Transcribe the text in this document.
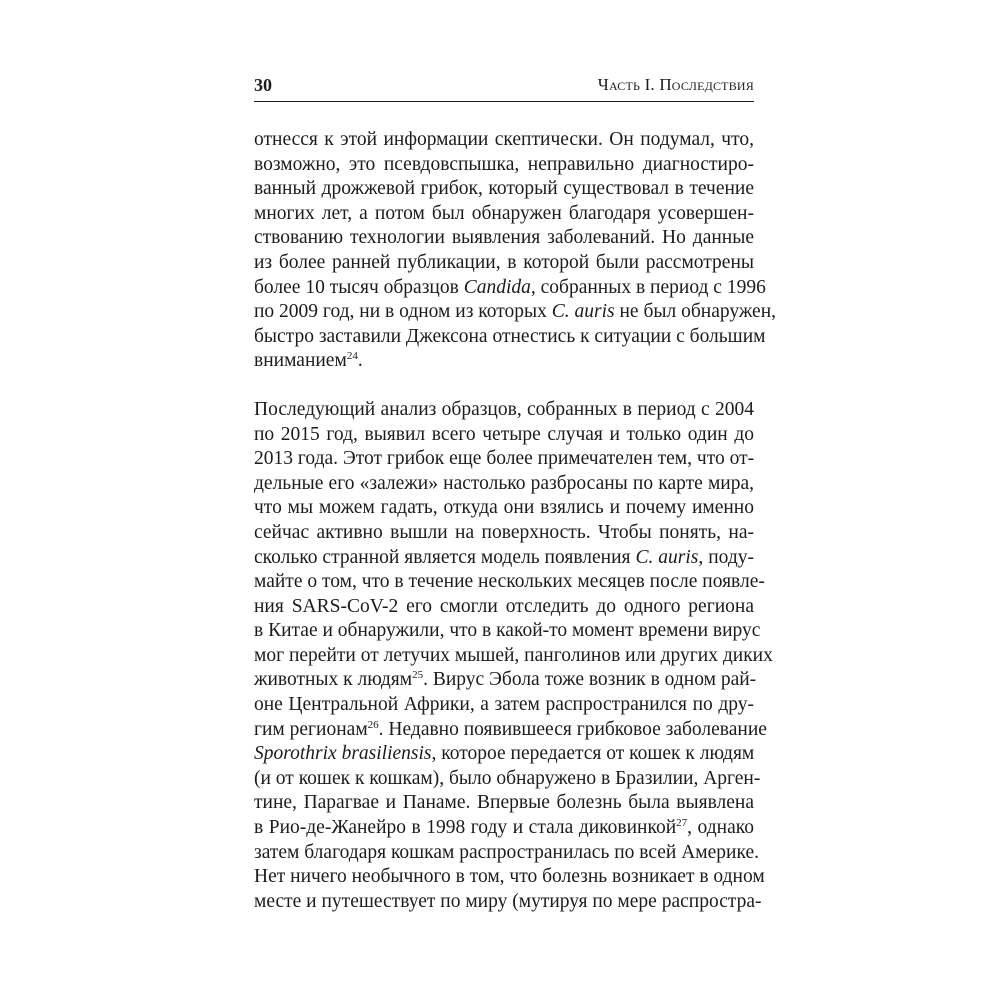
30	Часть I. Последствия

отнесся к этой информации скептически. Он подумал, что,
возможно, это псевдовспышка, неправильно диагностиро-
ванный дрожжевой грибок, который существовал в течение
многих лет, а потом был обнаружен благодаря усовершен-
ствованию технологии выявления заболеваний. Но данные
из более ранней публикации, в которой были рассмотрены
более 10 тысяч образцов Candida, собранных в период с 1996
по 2009 год, ни в одном из которых C. auris не был обнаружен,
быстро заставили Джексона отнестись к ситуации с большим
вниманием$^{24}$.

Последующий анализ образцов, собранных в период с 2004
по 2015 год, выявил всего четыре случая и только один до
2013 года. Этот грибок еще более примечателен тем, что от-
дельные его «залежи» настолько разбросаны по карте мира,
что мы можем гадать, откуда они взялись и почему именно
сейчас активно вышли на поверхность. Чтобы понять, на-
сколько странной является модель появления C. auris, поду-
майте о том, что в течение нескольких месяцев после появле-
ния SARS-CoV-2 его смогли отследить до одного региона
в Китае и обнаружили, что в какой-то момент времени вирус
мог перейти от летучих мышей, панголинов или других диких
животных к людям$^{25}$. Вирус Эбола тоже возник в одном рай-
оне Центральной Африки, а затем распространился по дру-
гим регионам$^{26}$. Недавно появившееся грибковое заболевание
Sporothrix brasiliensis, которое передается от кошек к людям
(и от кошек к кошкам), было обнаружено в Бразилии, Арген-
тине, Парагвае и Панаме. Впервые болезнь была выявлена
в Рио-де-Жанейро в 1998 году и стала диковинкой$^{27}$, однако
затем благодаря кошкам распространилась по всей Америке.
Нет ничего необычного в том, что болезнь возникает в одном
месте и путешествует по миру (мутируя по мере распростра-
